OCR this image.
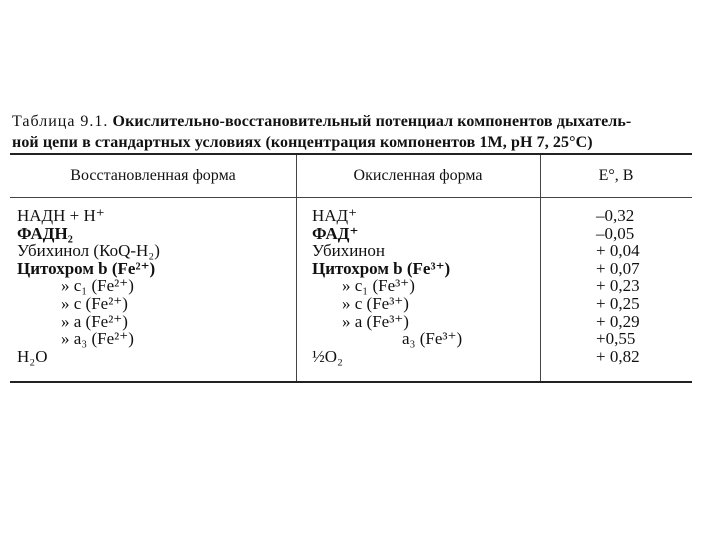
Таблица 9.1. Окислительно-восстановительный потенциал компонентов дыхатель-
ной цепи в стандартных условиях (концентрация компонентов 1М, pH 7, 25°C)
Восстановленная форма	Окисленная форма	E°, В
НАДН + Н⁺
ФАДН₂
Убихинол (КоQ-Н₂)
Цитохром b (Fe²⁺)
» c₁ (Fe²⁺)
» c (Fe²⁺)
» a (Fe²⁺)
» a₃ (Fe²⁺)
Н₂О
НАД⁺
ФАД⁺
Убихинон
Цитохром b (Fe³⁺)
» c₁ (Fe³⁺)
» c (Fe³⁺)
» a (Fe³⁺)
a₃ (Fe³⁺)
½О₂
–0,32
–0,05
+ 0,04
+ 0,07
+ 0,23
+ 0,25
+ 0,29
+0,55
+ 0,82
